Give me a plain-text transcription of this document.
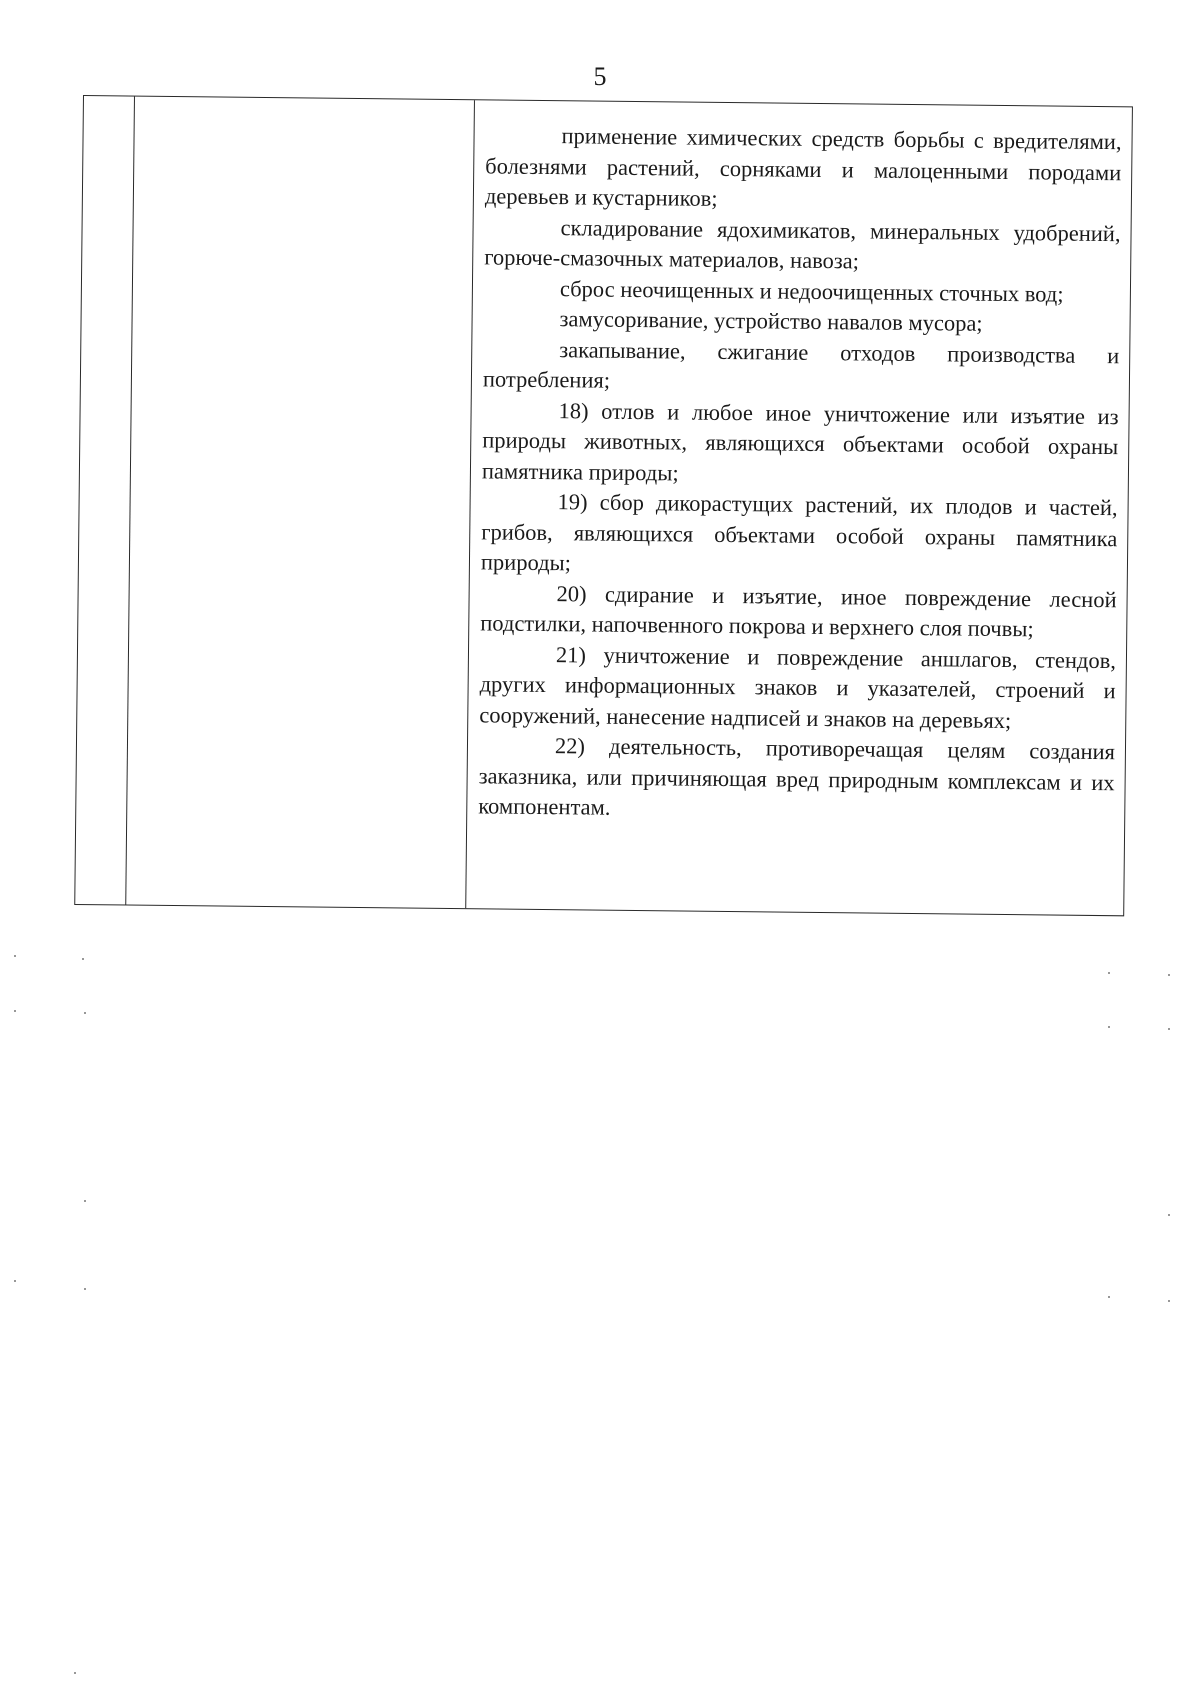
5

применение химических средств борьбы с вредителями, болезнями растений, сорняками и малоценными породами деревьев и кустарников;

складирование ядохимикатов, минеральных удобрений, горюче-смазочных материалов, навоза;

сброс неочищенных и недоочищенных сточных вод;

замусоривание, устройство навалов мусора;

закапывание, сжигание отходов производства и потребления;

18) отлов и любое иное уничтожение или изъятие из природы животных, являющихся объектами особой охраны памятника природы;

19) сбор дикорастущих растений, их плодов и частей, грибов, являющихся объектами особой охраны памятника природы;

20) сдирание и изъятие, иное повреждение лесной подстилки, напочвенного покрова и верхнего слоя почвы;

21) уничтожение и повреждение аншлагов, стендов, других информационных знаков и указателей, строений и сооружений, нанесение надписей и знаков на деревьях;

22) деятельность, противоречащая целям создания заказника, или причиняющая вред природным комплексам и их компонентам.
